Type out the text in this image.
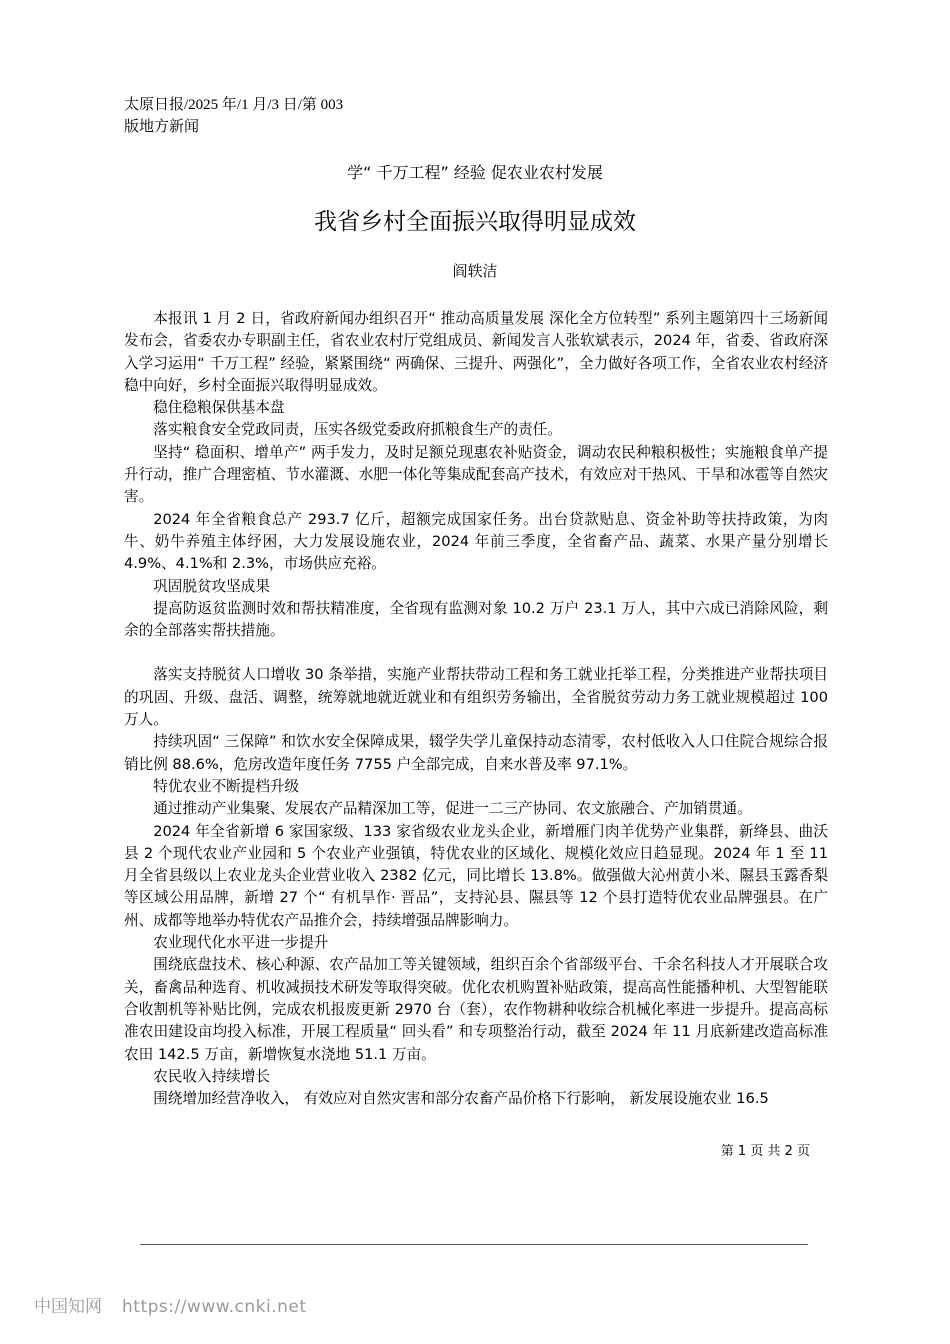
太原日报/2025 年/1 月/3 日/第 003
版地方新闻
学“ 千万工程” 经验 促农业农村发展
我省乡村全面振兴取得明显成效
阎轶洁

本报讯 1 月 2 日，省政府新闻办组织召开“ 推动高质量发展 深化全方位转型” 系列主题第四十三场新闻发布会，省委农办专职副主任，省农业农村厅党组成员、新闻发言人张软斌表示，2024 年，省委、省政府深入学习运用“ 千万工程” 经验，紧紧围绕“ 两确保、三提升、两强化”，全力做好各项工作，全省农业农村经济稳中向好，乡村全面振兴取得明显成效。

稳住稳粮保供基本盘

落实粮食安全党政同责，压实各级党委政府抓粮食生产的责任。

坚持“ 稳面积、增单产” 两手发力，及时足额兑现惠农补贴资金，调动农民种粮积极性；实施粮食单产提升行动，推广合理密植、节水灌溉、水肥一体化等集成配套高产技术，有效应对干热风、干旱和冰雹等自然灾害。

2024 年全省粮食总产 293.7 亿斤，超额完成国家任务。出台贷款贴息、资金补助等扶持政策，为肉牛、奶牛养殖主体纾困，大力发展设施农业，2024 年前三季度，全省畜产品、蔬菜、水果产量分别增长 4.9%、4.1%和 2.3%，市场供应充裕。

巩固脱贫攻坚成果

提高防返贫监测时效和帮扶精准度，全省现有监测对象 10.2 万户 23.1 万人，其中六成已消除风险，剩余的全部落实帮扶措施。

落实支持脱贫人口增收 30 条举措，实施产业帮扶带动工程和务工就业托举工程，分类推进产业帮扶项目的巩固、升级、盘活、调整，统筹就地就近就业和有组织劳务输出，全省脱贫劳动力务工就业规模超过 100 万人。

持续巩固“ 三保障” 和饮水安全保障成果，辍学失学儿童保持动态清零，农村低收入人口住院合规综合报销比例 88.6%，危房改造年度任务 7755 户全部完成，自来水普及率 97.1%。

特优农业不断提档升级

通过推动产业集聚、发展农产品精深加工等，促进一二三产协同、农文旅融合、产加销贯通。

2024 年全省新增 6 家国家级、133 家省级农业龙头企业，新增雁门肉羊优势产业集群，新绛县、曲沃县 2 个现代农业产业园和 5 个农业产业强镇，特优农业的区域化、规模化效应日趋显现。2024 年 1 至 11 月全省县级以上农业龙头企业营业收入 2382 亿元，同比增长 13.8%。做强做大沁州黄小米、隰县玉露香梨等区域公用品牌，新增 27 个“ 有机旱作· 晋品”，支持沁县、隰县等 12 个县打造特优农业品牌强县。在广州、成都等地举办特优农产品推介会，持续增强品牌影响力。

农业现代化水平进一步提升

围绕底盘技术、核心种源、农产品加工等关键领域，组织百余个省部级平台、千余名科技人才开展联合攻关，畜禽品种选育、机收减损技术研发等取得突破。优化农机购置补贴政策，提高高性能播种机、大型智能联合收割机等补贴比例，完成农机报废更新 2970 台（套），农作物耕种收综合机械化率进一步提升。提高高标准农田建设亩均投入标准，开展工程质量“ 回头看” 和专项整治行动，截至 2024 年 11 月底新建改造高标准农田 142.5 万亩，新增恢复水浇地 51.1 万亩。

农民收入持续增长

围绕增加经营净收入， 有效应对自然灾害和部分农畜产品价格下行影响， 新发展设施农业 16.5

第 1 页 共 2 页
中国知网 https://www.cnki.net
